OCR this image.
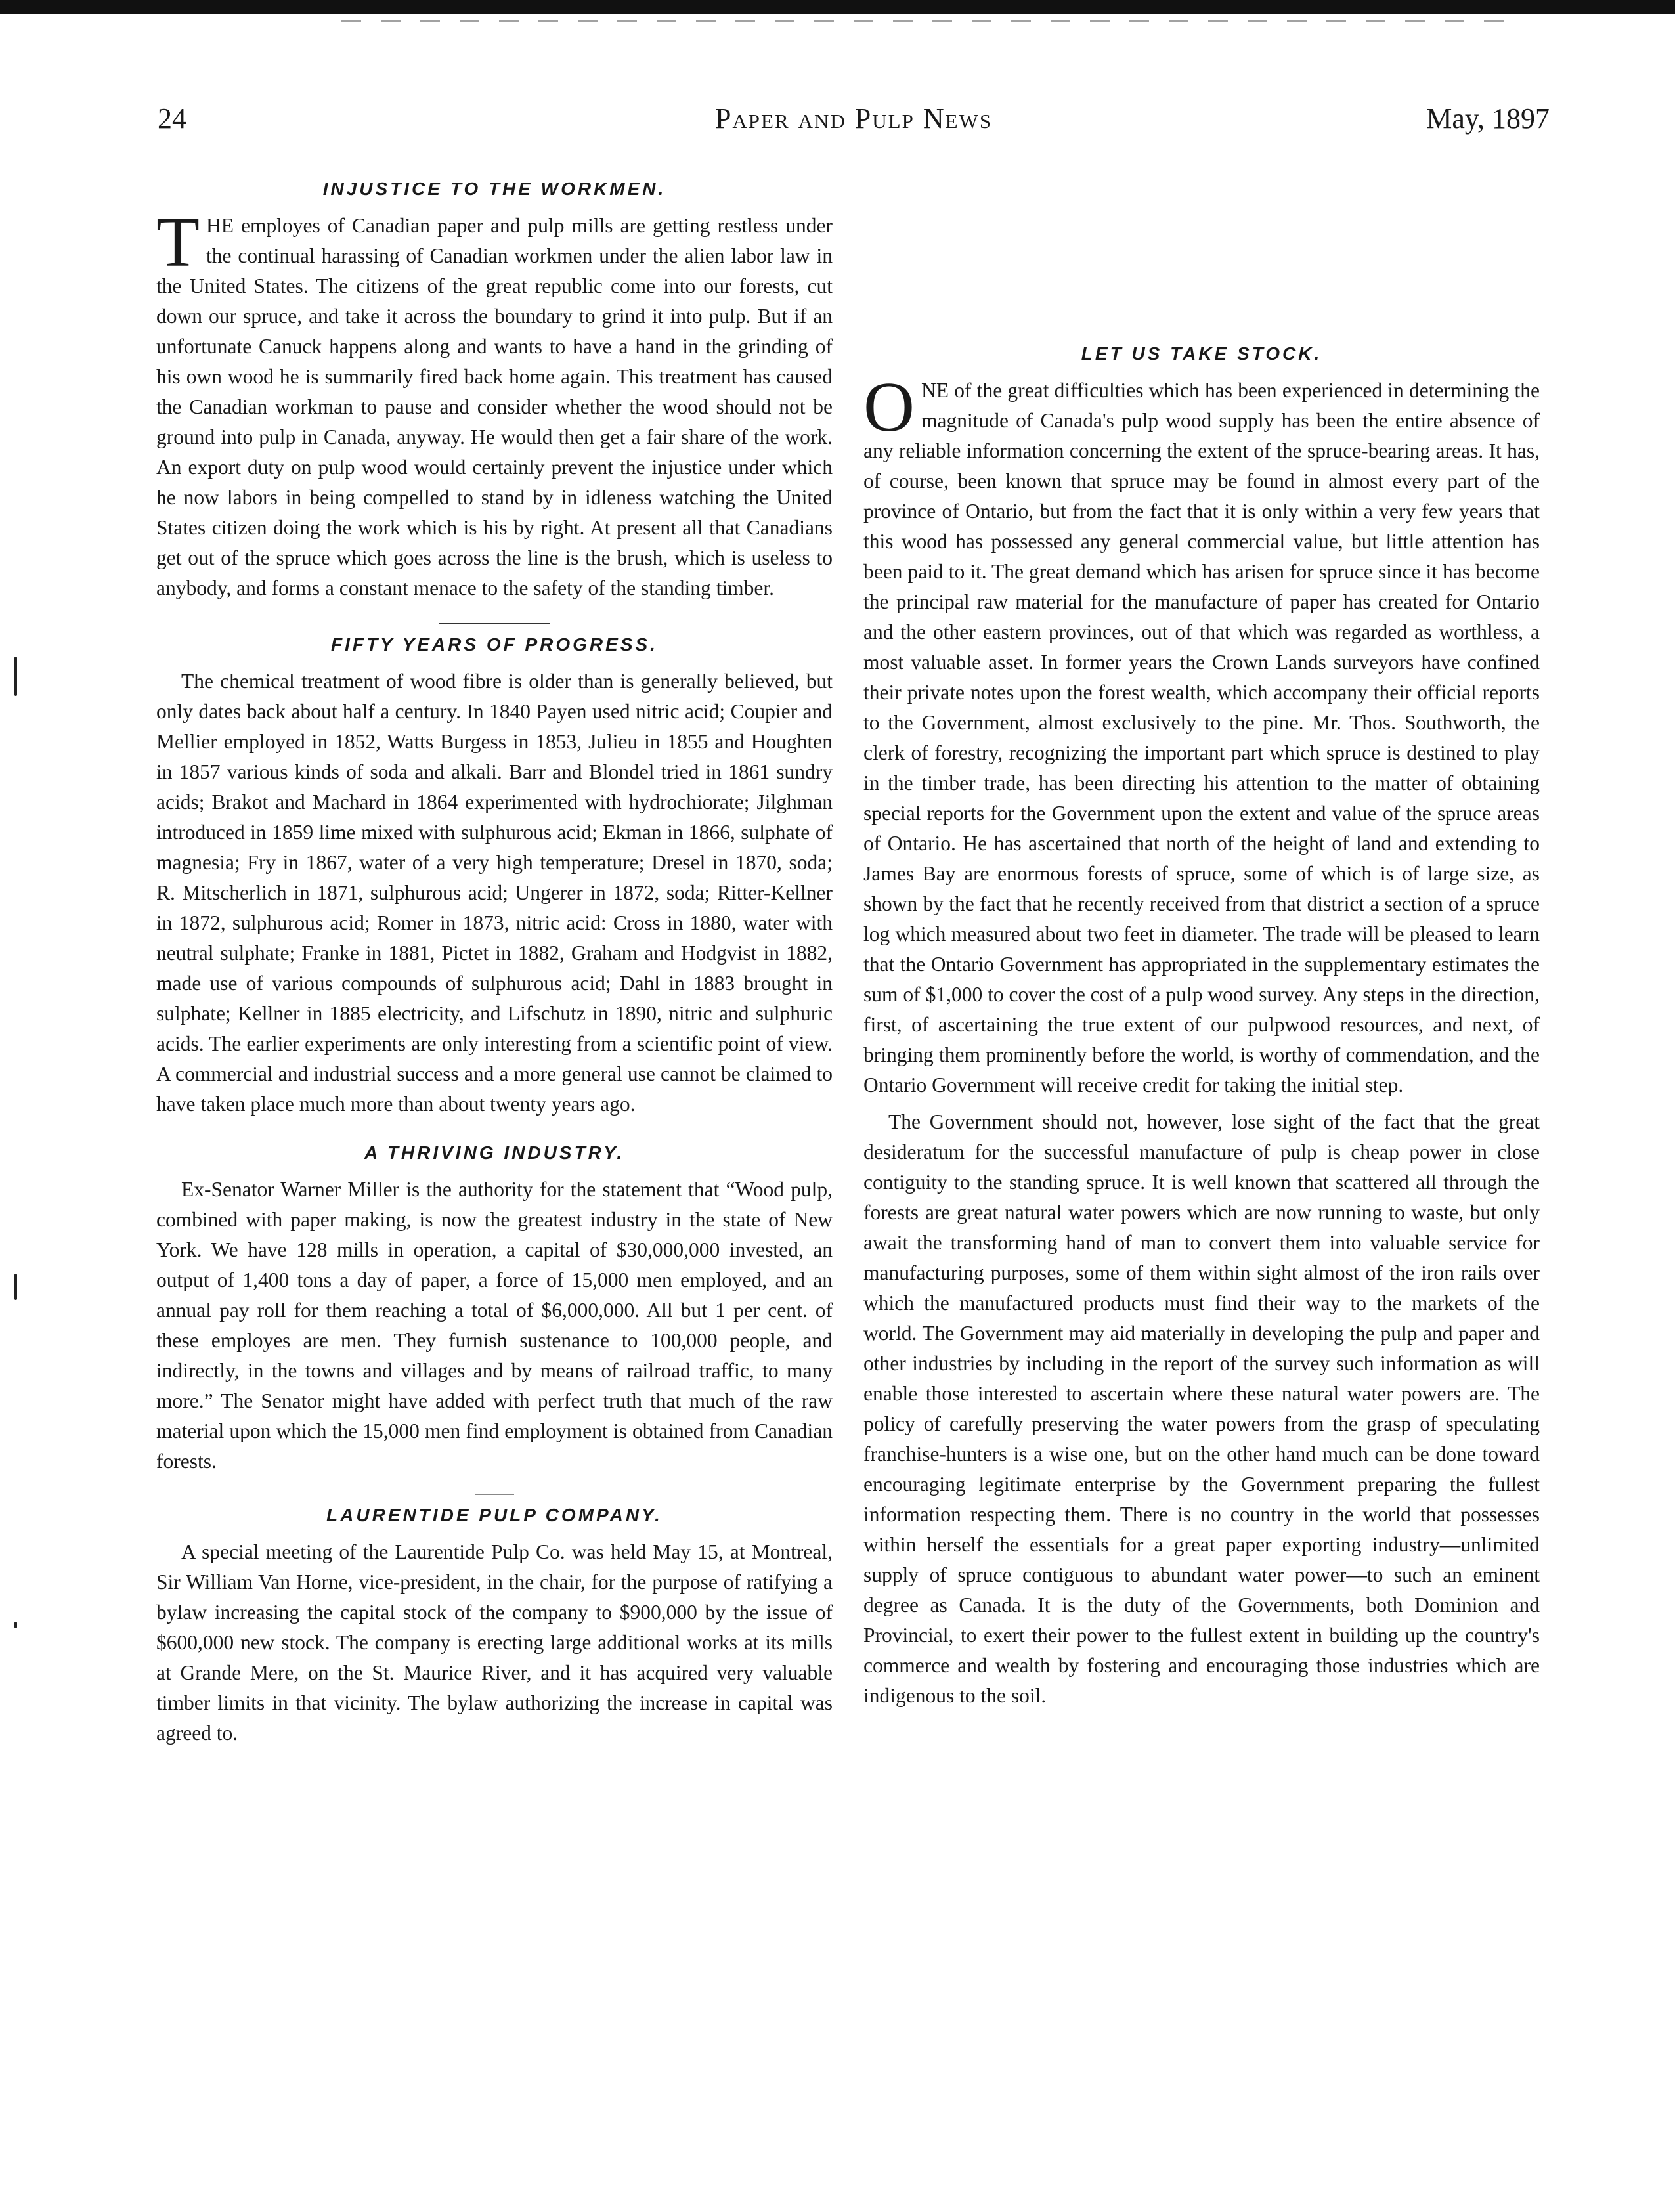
24	Paper and Pulp News	May, 1897
INJUSTICE TO THE WORKMEN.

THE employes of Canadian paper and pulp mills are getting restless under the continual harassing of Canadian workmen under the alien labor law in the United States. The citizens of the great republic come into our forests, cut down our spruce, and take it across the boundary to grind it into pulp. But if an unfortunate Canuck happens along and wants to have a hand in the grinding of his own wood he is summarily fired back home again. This treatment has caused the Canadian workman to pause and consider whether the wood should not be ground into pulp in Canada, anyway. He would then get a fair share of the work. An export duty on pulp wood would certainly prevent the injustice under which he now labors in being compelled to stand by in idleness watching the United States citizen doing the work which is his by right. At present all that Canadians get out of the spruce which goes across the line is the brush, which is useless to anybody, and forms a constant menace to the safety of the standing timber.

FIFTY YEARS OF PROGRESS.

The chemical treatment of wood fibre is older than is generally believed, but only dates back about half a century. In 1840 Payen used nitric acid; Coupier and Mellier employed in 1852, Watts Burgess in 1853, Julieu in 1855 and Houghten in 1857 various kinds of soda and alkali. Barr and Blondel tried in 1861 sundry acids; Brakot and Machard in 1864 experimented with hydrochiorate; Jilghman introduced in 1859 lime mixed with sulphurous acid; Ekman in 1866, sulphate of magnesia; Fry in 1867, water of a very high temperature; Dresel in 1870, soda; R. Mitscherlich in 1871, sulphurous acid; Ungerer in 1872, soda; Ritter-Kellner in 1872, sulphurous acid; Romer in 1873, nitric acid: Cross in 1880, water with neutral sulphate; Franke in 1881, Pictet in 1882, Graham and Hodgvist in 1882, made use of various compounds of sulphurous acid; Dahl in 1883 brought in sulphate; Kellner in 1885 electricity, and Lifschutz in 1890, nitric and sulphuric acids. The earlier experiments are only interesting from a scientific point of view. A commercial and industrial success and a more general use cannot be claimed to have taken place much more than about twenty years ago.

A THRIVING INDUSTRY.

Ex-Senator Warner Miller is the authority for the statement that “Wood pulp, combined with paper making, is now the greatest industry in the state of New York. We have 128 mills in operation, a capital of $30,000,000 invested, an output of 1,400 tons a day of paper, a force of 15,000 men employed, and an annual pay roll for them reaching a total of $6,000,000. All but 1 per cent. of these employes are men. They furnish sustenance to 100,000 people, and indirectly, in the towns and villages and by means of railroad traffic, to many more.” The Senator might have added with perfect truth that much of the raw material upon which the 15,000 men find employment is obtained from Canadian forests.

LAURENTIDE PULP COMPANY.

A special meeting of the Laurentide Pulp Co. was held May 15, at Montreal, Sir William Van Horne, vice-president, in the chair, for the purpose of ratifying a bylaw increasing the capital stock of the company to $900,000 by the issue of $600,000 new stock. The company is erecting large additional works at its mills at Grande Mere, on the St. Maurice River, and it has acquired very valuable timber limits in that vicinity. The bylaw authorizing the increase in capital was agreed to.

LET US TAKE STOCK.

ONE of the great difficulties which has been experienced in determining the magnitude of Canada's pulp wood supply has been the entire absence of any reliable information concerning the extent of the spruce-bearing areas. It has, of course, been known that spruce may be found in almost every part of the province of Ontario, but from the fact that it is only within a very few years that this wood has possessed any general commercial value, but little attention has been paid to it. The great demand which has arisen for spruce since it has become the principal raw material for the manufacture of paper has created for Ontario and the other eastern provinces, out of that which was regarded as worthless, a most valuable asset. In former years the Crown Lands surveyors have confined their private notes upon the forest wealth, which accompany their official reports to the Government, almost exclusively to the pine. Mr. Thos. Southworth, the clerk of forestry, recognizing the important part which spruce is destined to play in the timber trade, has been directing his attention to the matter of obtaining special reports for the Government upon the extent and value of the spruce areas of Ontario. He has ascertained that north of the height of land and extending to James Bay are enormous forests of spruce, some of which is of large size, as shown by the fact that he recently received from that district a section of a spruce log which measured about two feet in diameter. The trade will be pleased to learn that the Ontario Government has appropriated in the supplementary estimates the sum of $1,000 to cover the cost of a pulp wood survey. Any steps in the direction, first, of ascertaining the true extent of our pulpwood resources, and next, of bringing them prominently before the world, is worthy of commendation, and the Ontario Government will receive credit for taking the initial step.

The Government should not, however, lose sight of the fact that the great desideratum for the successful manufacture of pulp is cheap power in close contiguity to the standing spruce. It is well known that scattered all through the forests are great natural water powers which are now running to waste, but only await the transforming hand of man to convert them into valuable service for manufacturing purposes, some of them within sight almost of the iron rails over which the manufactured products must find their way to the markets of the world. The Government may aid materially in developing the pulp and paper and other industries by including in the report of the survey such information as will enable those interested to ascertain where these natural water powers are. The policy of carefully preserving the water powers from the grasp of speculating franchise-hunters is a wise one, but on the other hand much can be done toward encouraging legitimate enterprise by the Government preparing the fullest information respecting them. There is no country in the world that possesses within herself the essentials for a great paper exporting industry—unlimited supply of spruce contiguous to abundant water power—to such an eminent degree as Canada. It is the duty of the Governments, both Dominion and Provincial, to exert their power to the fullest extent in building up the country's commerce and wealth by fostering and encouraging those industries which are indigenous to the soil.
